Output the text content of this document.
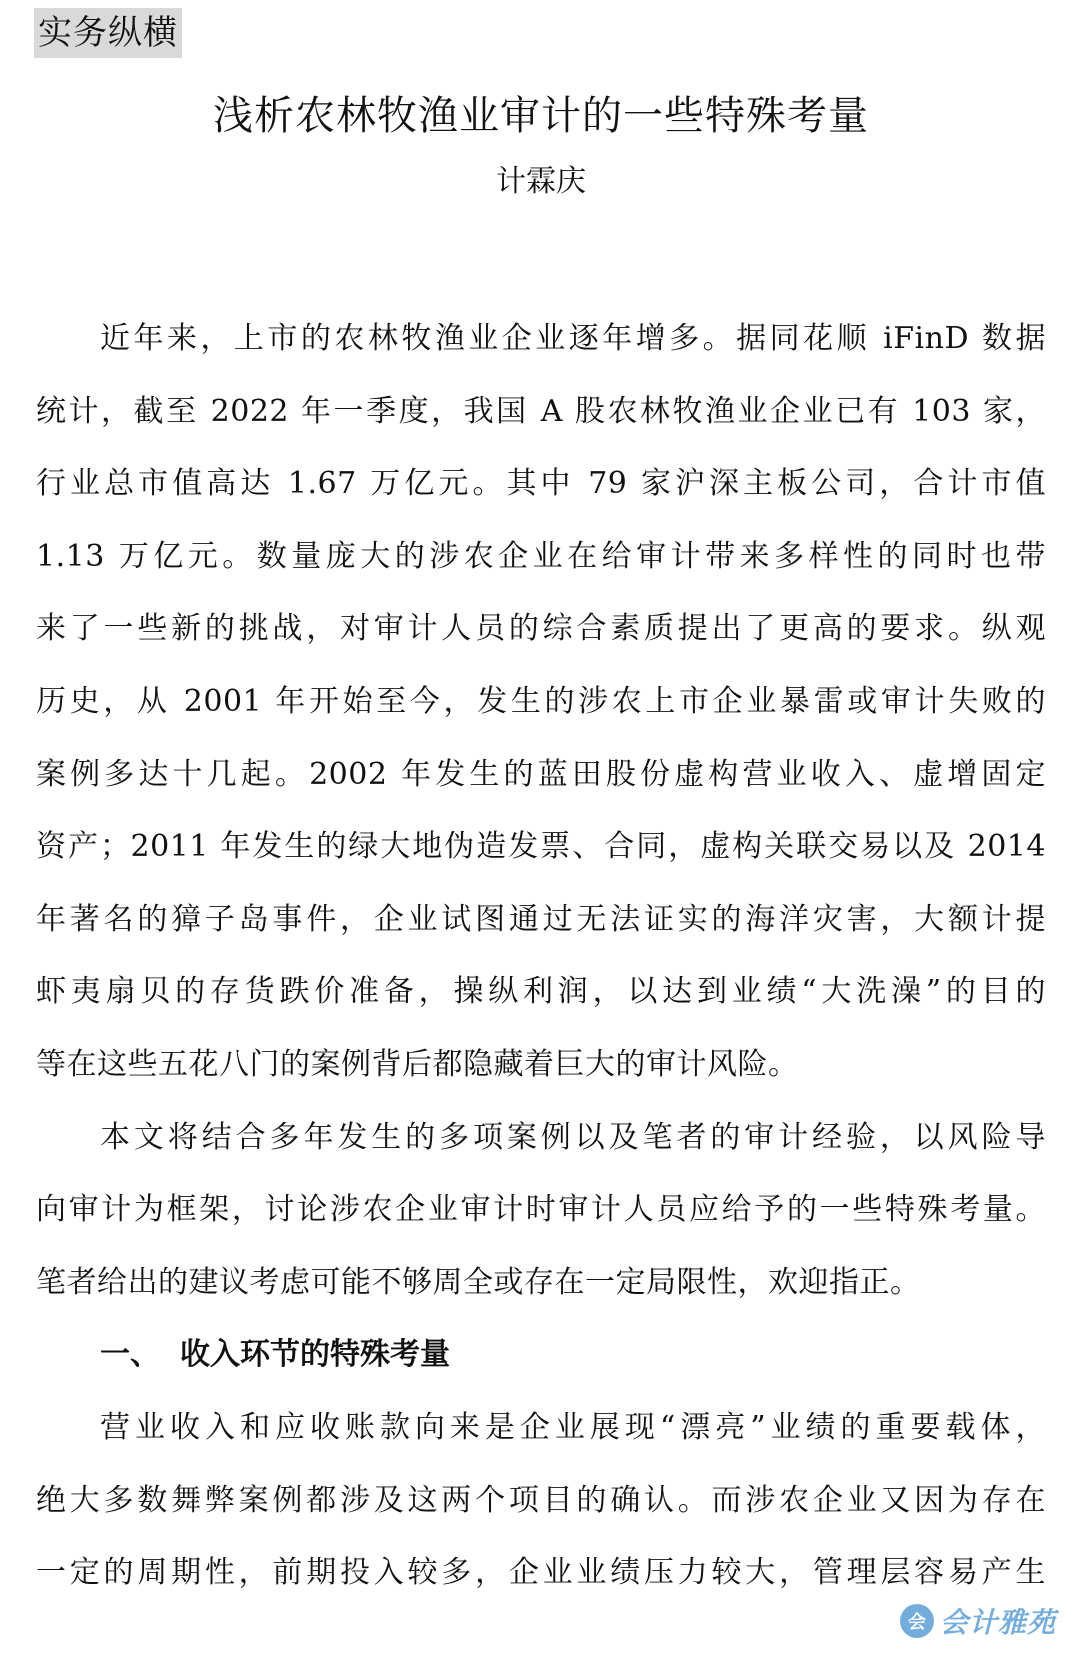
实务纵横
浅析农林牧渔业审计的一些特殊考量
计霖庆
近年来，上市的农林牧渔业企业逐年增多。据同花顺 iFinD 数据
统计，截至 2022 年一季度，我国 A 股农林牧渔业企业已有 103 家，
行业总市值高达 1.67 万亿元。其中 79 家沪深主板公司，合计市值
1.13 万亿元。数量庞大的涉农企业在给审计带来多样性的同时也带
来了一些新的挑战，对审计人员的综合素质提出了更高的要求。纵观
历史，从 2001 年开始至今，发生的涉农上市企业暴雷或审计失败的
案例多达十几起。2002 年发生的蓝田股份虚构营业收入、虚增固定
资产；2011 年发生的绿大地伪造发票、合同，虚构关联交易以及 2014
年著名的獐子岛事件，企业试图通过无法证实的海洋灾害，大额计提
虾夷扇贝的存货跌价准备，操纵利润，以达到业绩“大洗澡”的目的
等在这些五花八门的案例背后都隐藏着巨大的审计风险。
本文将结合多年发生的多项案例以及笔者的审计经验，以风险导
向审计为框架，讨论涉农企业审计时审计人员应给予的一些特殊考量。
笔者给出的建议考虑可能不够周全或存在一定局限性，欢迎指正。
一、 收入环节的特殊考量
营业收入和应收账款向来是企业展现“漂亮”业绩的重要载体，
绝大多数舞弊案例都涉及这两个项目的确认。而涉农企业又因为存在
一定的周期性，前期投入较多，企业业绩压力较大，管理层容易产生
会 会计雅苑
